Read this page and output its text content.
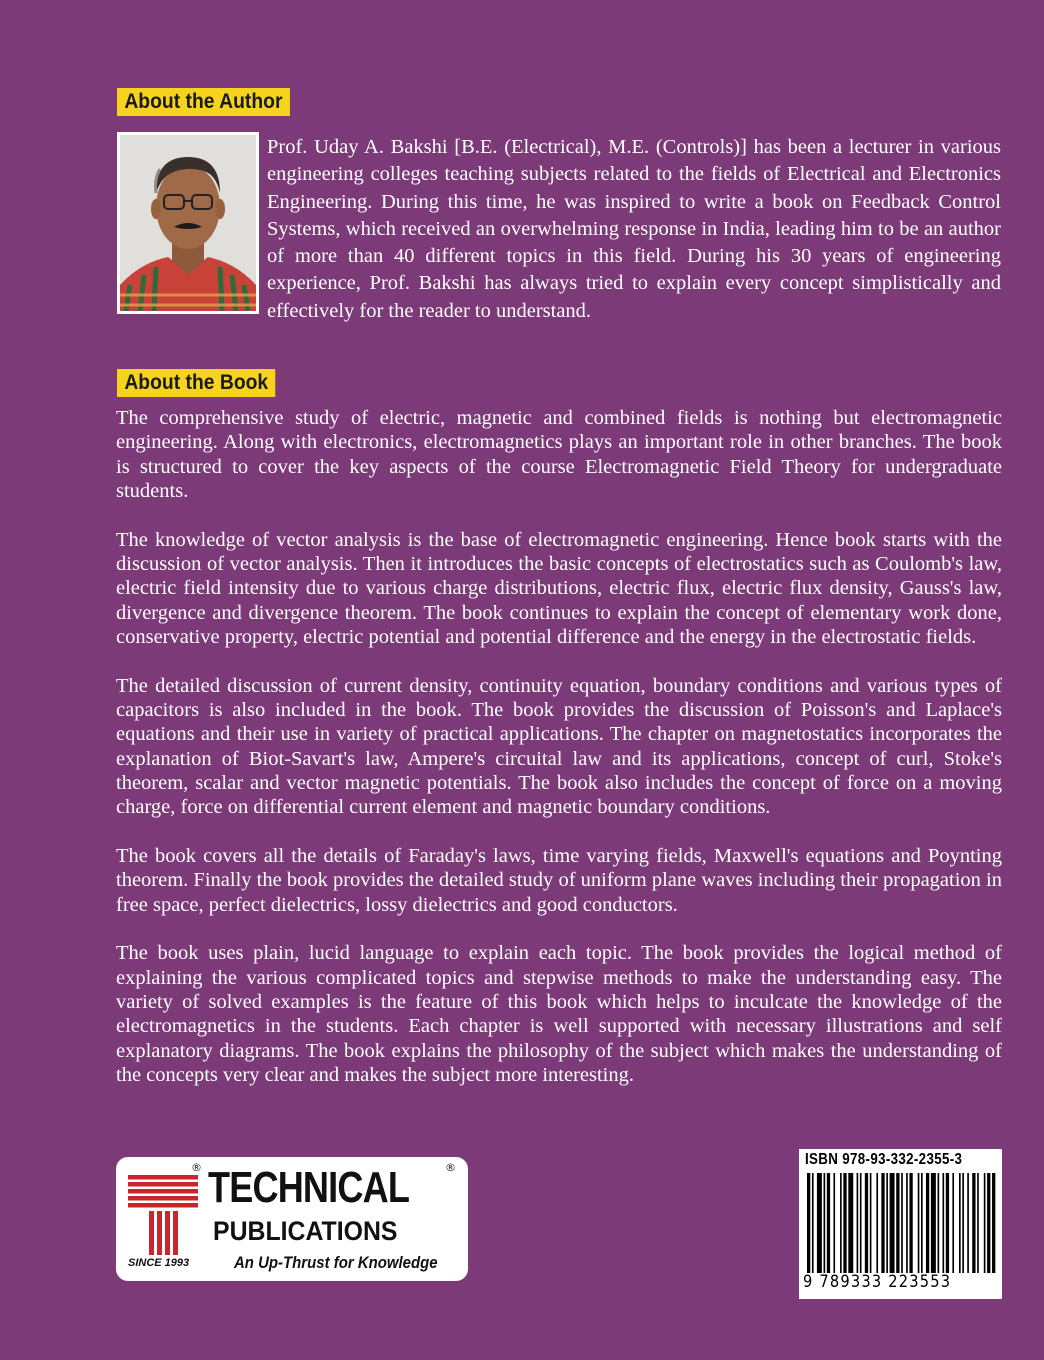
About the Author

Prof. Uday A. Bakshi [B.E. (Electrical), M.E. (Controls)] has been a lecturer in various engineering colleges teaching subjects related to the fields of Electrical and Electronics Engineering. During this time, he was inspired to write a book on Feedback Control Systems, which received an overwhelming response in India, leading him to be an author of more than 40 different topics in this field. During his 30 years of engineering experience, Prof. Bakshi has always tried to explain every concept simplistically and effectively for the reader to understand.

About the Book

The comprehensive study of electric, magnetic and combined fields is nothing but electromagnetic engineering. Along with electronics, electromagnetics plays an important role in other branches. The book is structured to cover the key aspects of the course Electromagnetic Field Theory for undergraduate students.

The knowledge of vector analysis is the base of electromagnetic engineering. Hence book starts with the discussion of vector analysis. Then it introduces the basic concepts of electrostatics such as Coulomb's law, electric field intensity due to various charge distributions, electric flux, electric flux density, Gauss's law, divergence and divergence theorem. The book continues to explain the concept of elementary work done, conservative property, electric potential and potential difference and the energy in the electrostatic fields.

The detailed discussion of current density, continuity equation, boundary conditions and various types of capacitors is also included in the book. The book provides the discussion of Poisson's and Laplace's equations and their use in variety of practical applications. The chapter on magnetostatics incorporates the explanation of Biot-Savart's law, Ampere's circuital law and its applications, concept of curl, Stoke's theorem, scalar and vector magnetic potentials. The book also includes the concept of force on a moving charge, force on differential current element and magnetic boundary conditions.

The book covers all the details of Faraday's laws, time varying fields, Maxwell's equations and Poynting theorem. Finally the book provides the detailed study of uniform plane waves including their propagation in free space, perfect dielectrics, lossy dielectrics and good conductors.

The book uses plain, lucid language to explain each topic. The book provides the logical method of explaining the various complicated topics and stepwise methods to make the understanding easy. The variety of solved examples is the feature of this book which helps to inculcate the knowledge of the electromagnetics in the students. Each chapter is well supported with necessary illustrations and self explanatory diagrams. The book explains the philosophy of the subject which makes the understanding of the concepts very clear and makes the subject more interesting.

®	®
TECHNICAL
PUBLICATIONS
SINCE 1993	An Up-Thrust for Knowledge
ISBN 978-93-332-2355-3
9 789333 223553
